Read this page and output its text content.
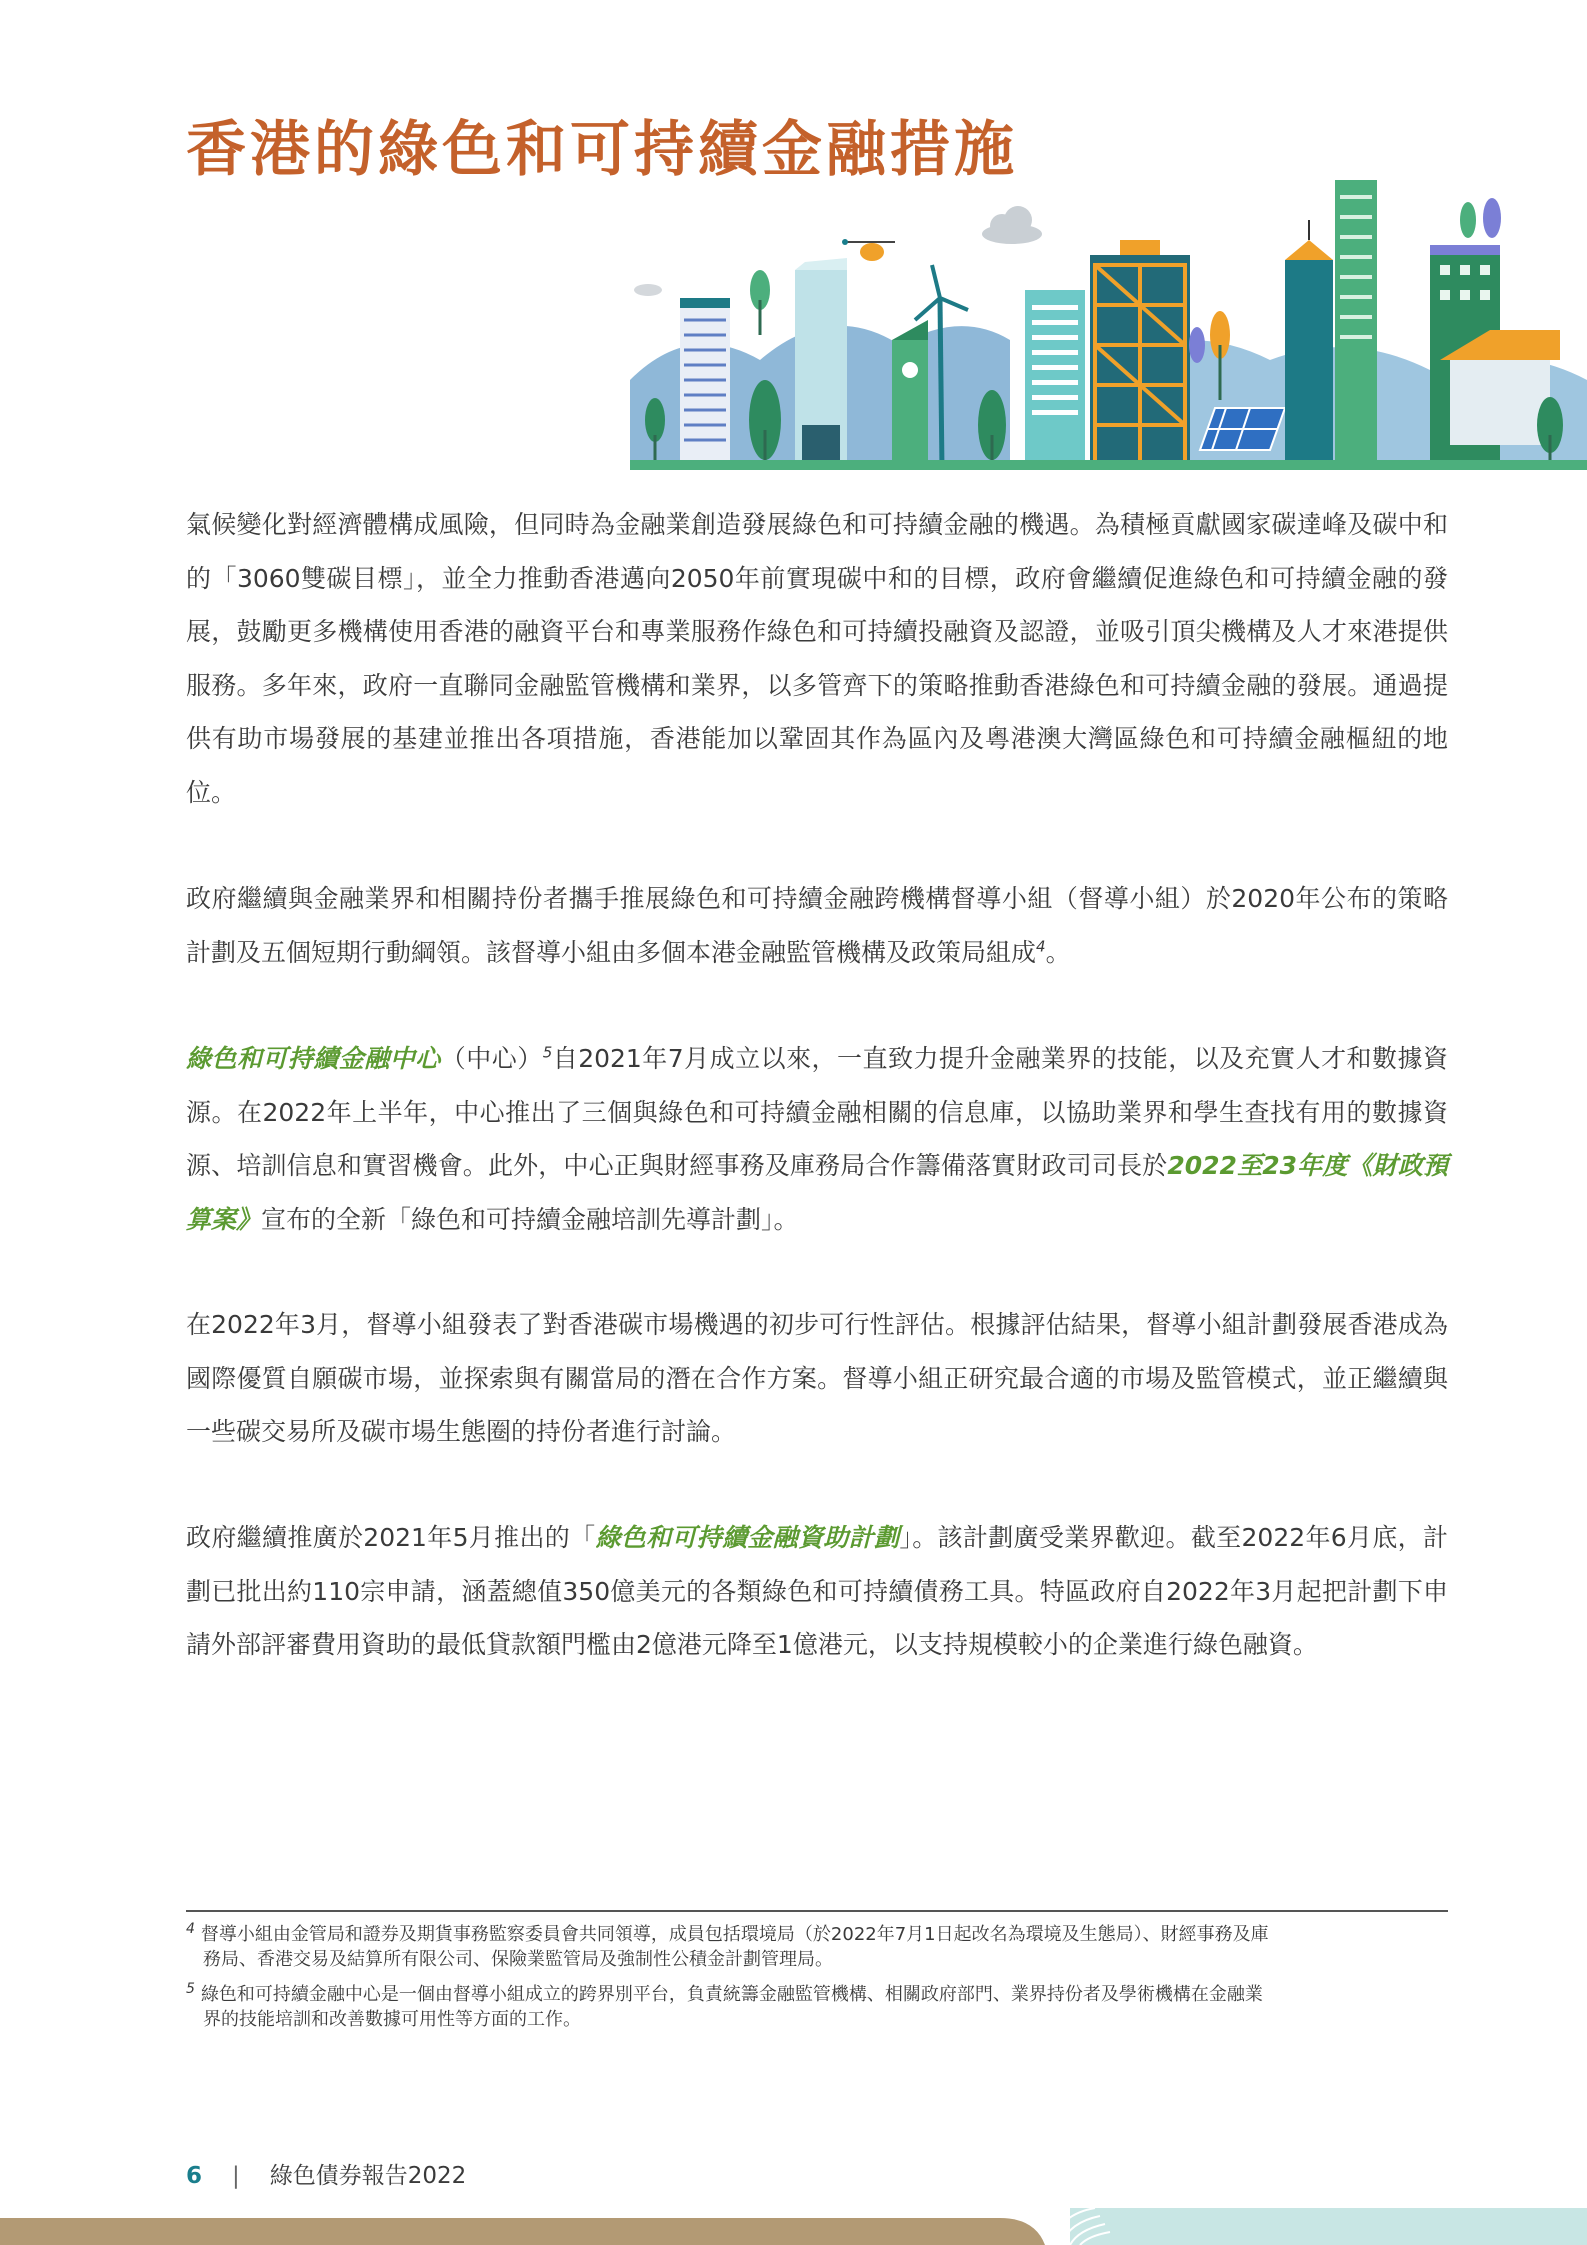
香港的綠色和可持續金融措施

氣候變化對經濟體構成風險，但同時為金融業創造發展綠色和可持續金融的機遇。為積極貢獻國家碳達峰及碳中和的「3060雙碳目標」，並全力推動香港邁向2050年前實現碳中和的目標，政府會繼續促進綠色和可持續金融的發展，鼓勵更多機構使用香港的融資平台和專業服務作綠色和可持續投融資及認證，並吸引頂尖機構及人才來港提供服務。多年來，政府一直聯同金融監管機構和業界，以多管齊下的策略推動香港綠色和可持續金融的發展。通過提供有助市場發展的基建並推出各項措施，香港能加以鞏固其作為區內及粵港澳大灣區綠色和可持續金融樞紐的地位。

政府繼續與金融業界和相關持份者攜手推展綠色和可持續金融跨機構督導小組（督導小組）於2020年公布的策略計劃及五個短期行動綱領。該督導小組由多個本港金融監管機構及政策局組成$^4$。

綠色和可持續金融中心（中心）$^5$自2021年7月成立以來，一直致力提升金融業界的技能，以及充實人才和數據資源。在2022年上半年，中心推出了三個與綠色和可持續金融相關的信息庫，以協助業界和學生查找有用的數據資源、培訓信息和實習機會。此外，中心正與財經事務及庫務局合作籌備落實財政司司長於2022至23年度《財政預算案》宣布的全新「綠色和可持續金融培訓先導計劃」。

在2022年3月，督導小組發表了對香港碳市場機遇的初步可行性評估。根據評估結果，督導小組計劃發展香港成為國際優質自願碳市場，並探索與有關當局的潛在合作方案。督導小組正研究最合適的市場及監管模式，並正繼續與一些碳交易所及碳市場生態圈的持份者進行討論。

政府繼續推廣於2021年5月推出的「綠色和可持續金融資助計劃」。該計劃廣受業界歡迎。截至2022年6月底，計劃已批出約110宗申請，涵蓋總值350億美元的各類綠色和可持續債務工具。特區政府自2022年3月起把計劃下申請外部評審費用資助的最低貸款額門檻由2億港元降至1億港元，以支持規模較小的企業進行綠色融資。

$^4$ 督導小組由金管局和證券及期貨事務監察委員會共同領導，成員包括環境局（於2022年7月1日起改名為環境及生態局）、財經事務及庫
務局、香港交易及結算所有限公司、保險業監管局及強制性公積金計劃管理局。

$^5$ 綠色和可持續金融中心是一個由督導小組成立的跨界別平台，負責統籌金融監管機構、相關政府部門、業界持份者及學術機構在金融業
界的技能培訓和改善數據可用性等方面的工作。

6 | 綠色債券報告2022
